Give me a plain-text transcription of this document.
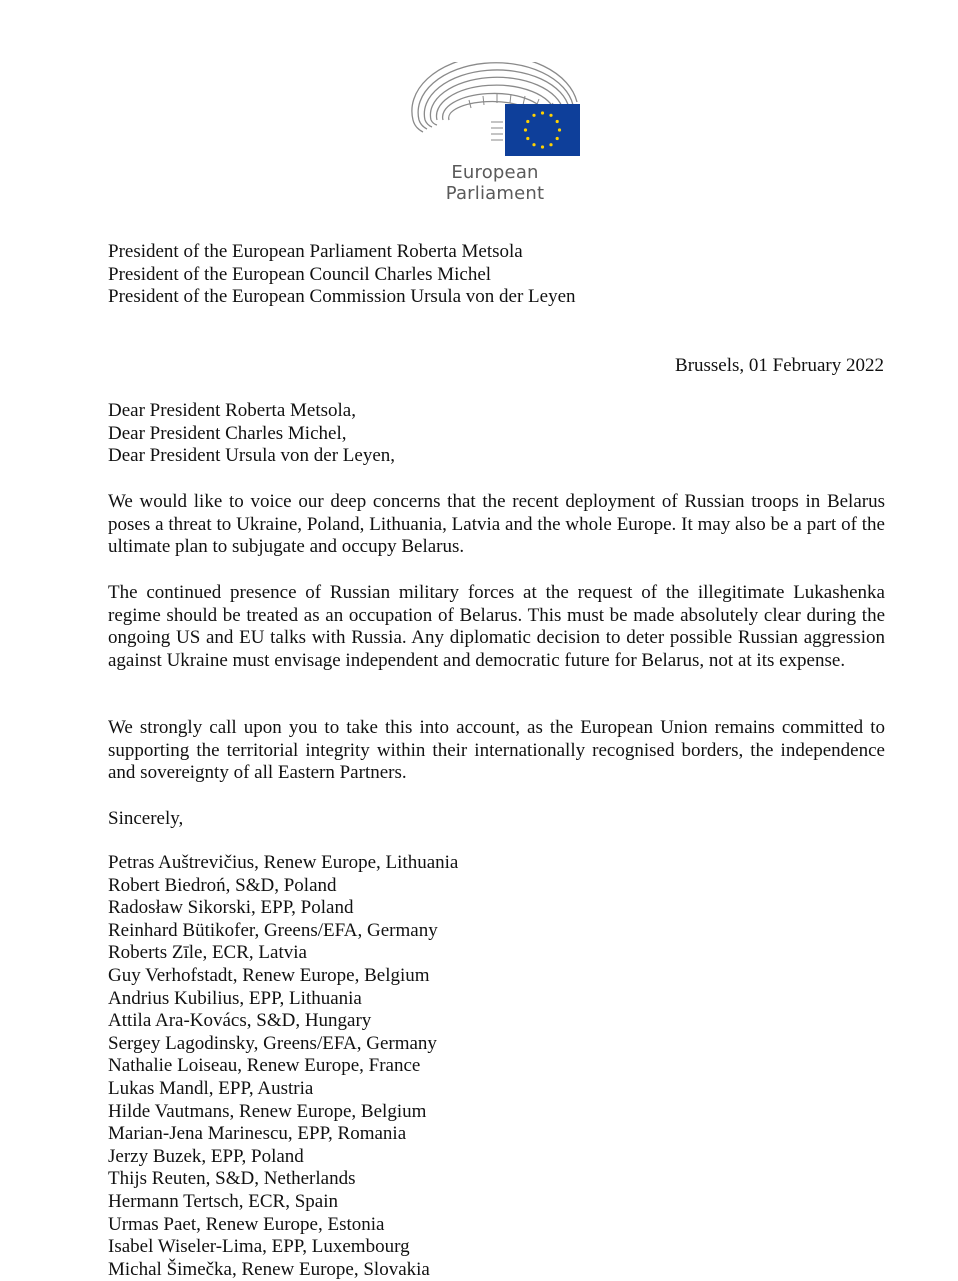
European Parliament
President of the European Parliament Roberta Metsola
President of the European Council Charles Michel
President of the European Commission Ursula von der Leyen
Brussels, 01 February 2022
Dear President Roberta Metsola,
Dear President Charles Michel,
Dear President Ursula von der Leyen,

We would like to voice our deep concerns that the recent deployment of Russian troops in Belarus poses a threat to Ukraine, Poland, Lithuania, Latvia and the whole Europe. It may also be a part of the ultimate plan to subjugate and occupy Belarus.

The continued presence of Russian military forces at the request of the illegitimate Lukashenka regime should be treated as an occupation of Belarus. This must be made absolutely clear during the ongoing US and EU talks with Russia. Any diplomatic decision to deter possible Russian aggression against Ukraine must envisage independent and democratic future for Belarus, not at its expense.

We strongly call upon you to take this into account, as the European Union remains committed to supporting the territorial integrity within their internationally recognised borders, the independence and sovereignty of all Eastern Partners.

Sincerely,
Petras Auštrevičius, Renew Europe, Lithuania
Robert Biedroń, S&D, Poland
Radosław Sikorski, EPP, Poland
Reinhard Bütikofer, Greens/EFA, Germany
Roberts Zīle, ECR, Latvia
Guy Verhofstadt, Renew Europe, Belgium
Andrius Kubilius, EPP, Lithuania
Attila Ara-Kovács, S&D, Hungary
Sergey Lagodinsky, Greens/EFA, Germany
Nathalie Loiseau, Renew Europe, France
Lukas Mandl, EPP, Austria
Hilde Vautmans, Renew Europe, Belgium
Marian-Jena Marinescu, EPP, Romania
Jerzy Buzek, EPP, Poland
Thijs Reuten, S&D, Netherlands
Hermann Tertsch, ECR, Spain
Urmas Paet, Renew Europe, Estonia
Isabel Wiseler-Lima, EPP, Luxembourg
Michal Šimečka, Renew Europe, Slovakia
